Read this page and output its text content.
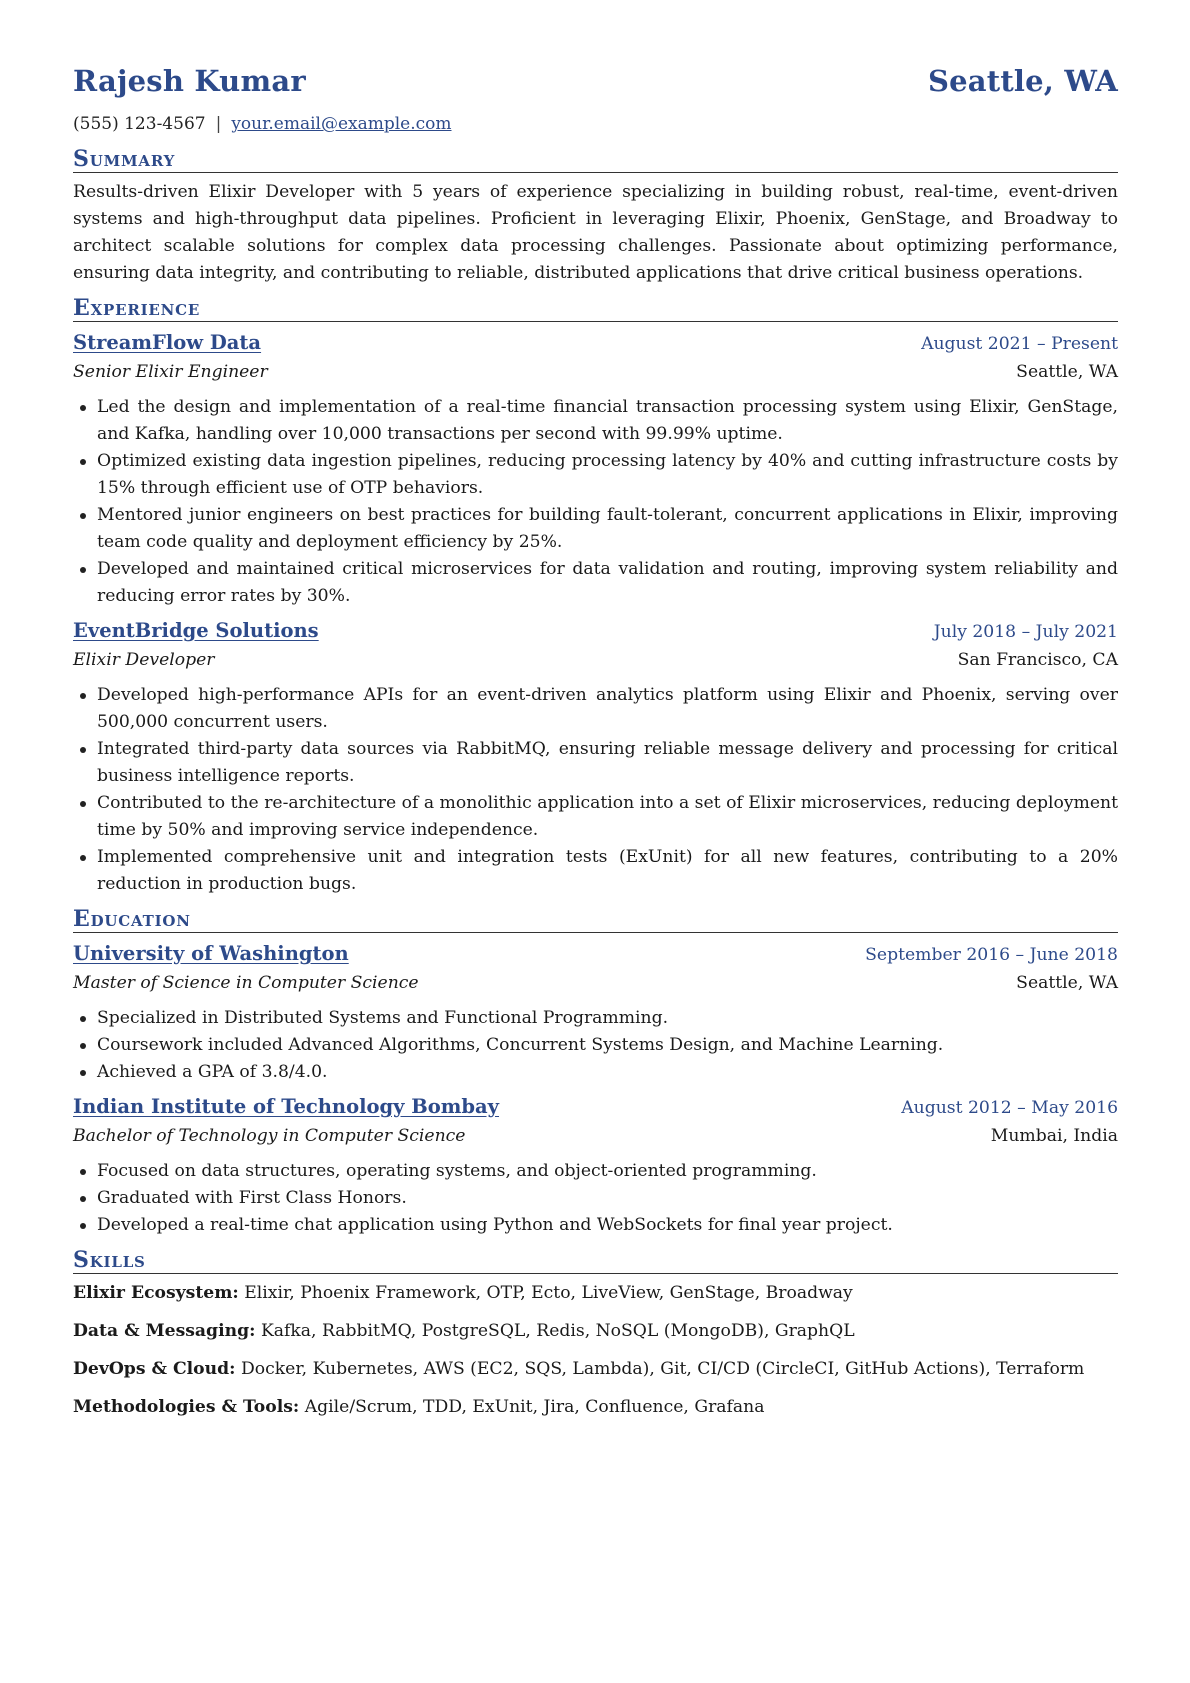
Rajesh Kumar	Seattle, WA
(555) 123-4567 | your.email@example.com
Summary
Results-driven Elixir Developer with 5 years of experience specializing in building robust, real-time, event-driven systems and high-throughput data pipelines. Proficient in leveraging Elixir, Phoenix, GenStage, and Broadway to architect scalable solutions for complex data processing challenges. Passionate about optimizing performance, ensuring data integrity, and contributing to reliable, distributed applications that drive critical business operations.
Experience
StreamFlow Data	August 2021 – Present
Senior Elixir Engineer	Seattle, WA
Led the design and implementation of a real-time financial transaction processing system using Elixir, GenStage, and Kafka, handling over 10,000 transactions per second with 99.99% uptime.
Optimized existing data ingestion pipelines, reducing processing latency by 40% and cutting infrastructure costs by 15% through efficient use of OTP behaviors.
Mentored junior engineers on best practices for building fault-tolerant, concurrent applications in Elixir, improving team code quality and deployment efficiency by 25%.
Developed and maintained critical microservices for data validation and routing, improving system reliability and reducing error rates by 30%.
EventBridge Solutions	July 2018 – July 2021
Elixir Developer	San Francisco, CA
Developed high-performance APIs for an event-driven analytics platform using Elixir and Phoenix, serving over 500,000 concurrent users.
Integrated third-party data sources via RabbitMQ, ensuring reliable message delivery and processing for critical business intelligence reports.
Contributed to the re-architecture of a monolithic application into a set of Elixir microservices, reducing deployment time by 50% and improving service independence.
Implemented comprehensive unit and integration tests (ExUnit) for all new features, contributing to a 20% reduction in production bugs.
Education
University of Washington	September 2016 – June 2018
Master of Science in Computer Science	Seattle, WA
Specialized in Distributed Systems and Functional Programming.
Coursework included Advanced Algorithms, Concurrent Systems Design, and Machine Learning.
Achieved a GPA of 3.8/4.0.
Indian Institute of Technology Bombay	August 2012 – May 2016
Bachelor of Technology in Computer Science	Mumbai, India
Focused on data structures, operating systems, and object-oriented programming.
Graduated with First Class Honors.
Developed a real-time chat application using Python and WebSockets for final year project.
Skills
Elixir Ecosystem: Elixir, Phoenix Framework, OTP, Ecto, LiveView, GenStage, Broadway
Data & Messaging: Kafka, RabbitMQ, PostgreSQL, Redis, NoSQL (MongoDB), GraphQL
DevOps & Cloud: Docker, Kubernetes, AWS (EC2, SQS, Lambda), Git, CI/CD (CircleCI, GitHub Actions), Terraform
Methodologies & Tools: Agile/Scrum, TDD, ExUnit, Jira, Confluence, Grafana
